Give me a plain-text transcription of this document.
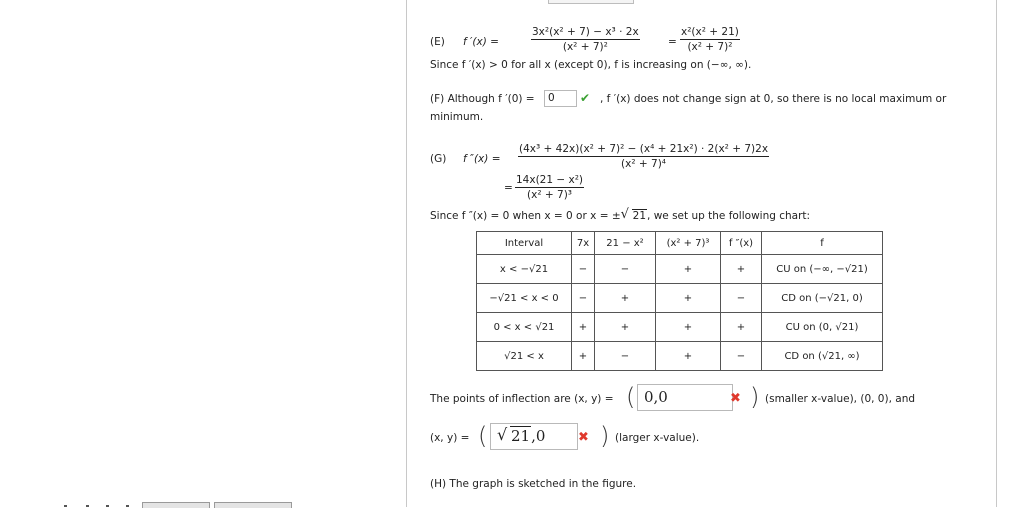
(E) f ′(x) =	$\frac{\text{3x²(x² + 7) − x³ · 2x}}{\text{(x² + 7)²}}$	= $\frac{\text{x²(x² + 21)}}{\text{(x² + 7)²}}$
Since f ′(x) > 0 for all x (except 0), f is increasing on (−∞, ∞).
(F) Although f ′(0) =	0	✔ , f ′(x) does not change sign at 0, so there is no local maximum or
minimum.
(G) f $''(x) = \frac{\text{(4x³ + 42x)(x² + 7)² − (x⁴ + 21x²) · 2(x² + 7)2x}}{\text{(x² + 7)⁴}}$
= $\frac{\text{14x(21 − x²)}}{\text{(x² + 7)³}}$
Since f ″(x) = 0 when x = 0 or x = ± √ 21, we set up the following chart:
Interval	7x	21 − x²	(x² + 7)³	f ″(x)	f
x < −√21	−	−	+	+	CU on (−∞, −√21)
−√21 < x < 0	−	+	+	−	CD on (−√21, 0)
0 < x < √21	+	+	+	+	CU on (0, √21)
√21 < x	+	−	+	−	CD on (√21, ∞)
The points of inflection are (x, y) = ( 0,0	✖ ) (smaller x-value), (0, 0), and
(x, y) = ( √ 21,0	✖ ) (larger x-value).
(H) The graph is sketched in the figure.
